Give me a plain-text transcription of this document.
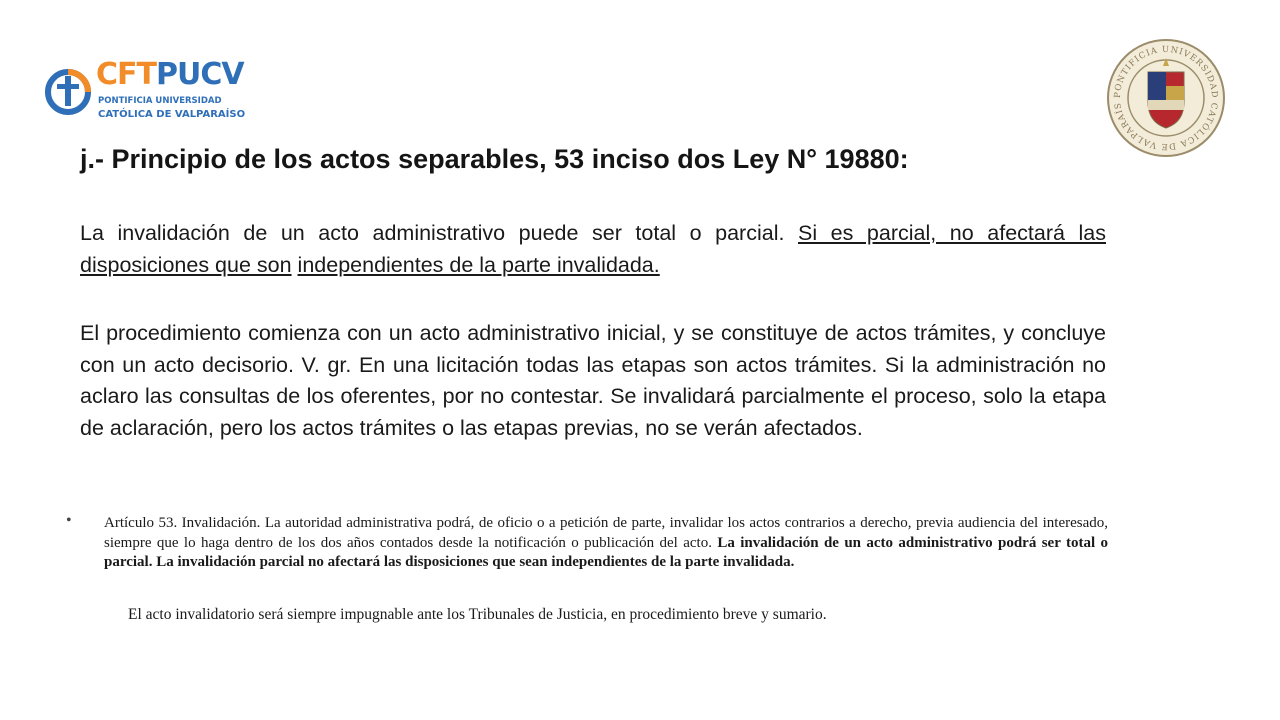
CFTPUCV
PONTIFICIA UNIVERSIDAD
CATÓLICA DE VALPARAÍSO
PONTIFICIA UNIVERSIDAD CATÓLICA DE VALPARAÍS
j.- Principio de los actos separables, 53 inciso dos Ley N° 19880:

La invalidación de un acto administrativo puede ser total o parcial. Si es parcial, no afectará las disposiciones que son independientes de la parte invalidada.

El procedimiento comienza con un acto administrativo inicial, y se constituye de actos trámites, y concluye con un acto decisorio. V. gr. En una licitación todas las etapas son actos trámites. Si la administración no aclaro las consultas de los oferentes, por no contestar. Se invalidará parcialmente el proceso, solo la etapa de aclaración, pero los actos trámites o las etapas previas, no se verán afectados.

• Artículo 53. Invalidación. La autoridad administrativa podrá, de oficio o a petición de parte, invalidar los actos contrarios a derecho, previa audiencia del interesado, siempre que lo haga dentro de los dos años contados desde la notificación o publicación del acto. La invalidación de un acto administrativo podrá ser total o parcial. La invalidación parcial no afectará las disposiciones que sean independientes de la parte invalidada.

El acto invalidatorio será siempre impugnable ante los Tribunales de Justicia, en procedimiento breve y sumario.
